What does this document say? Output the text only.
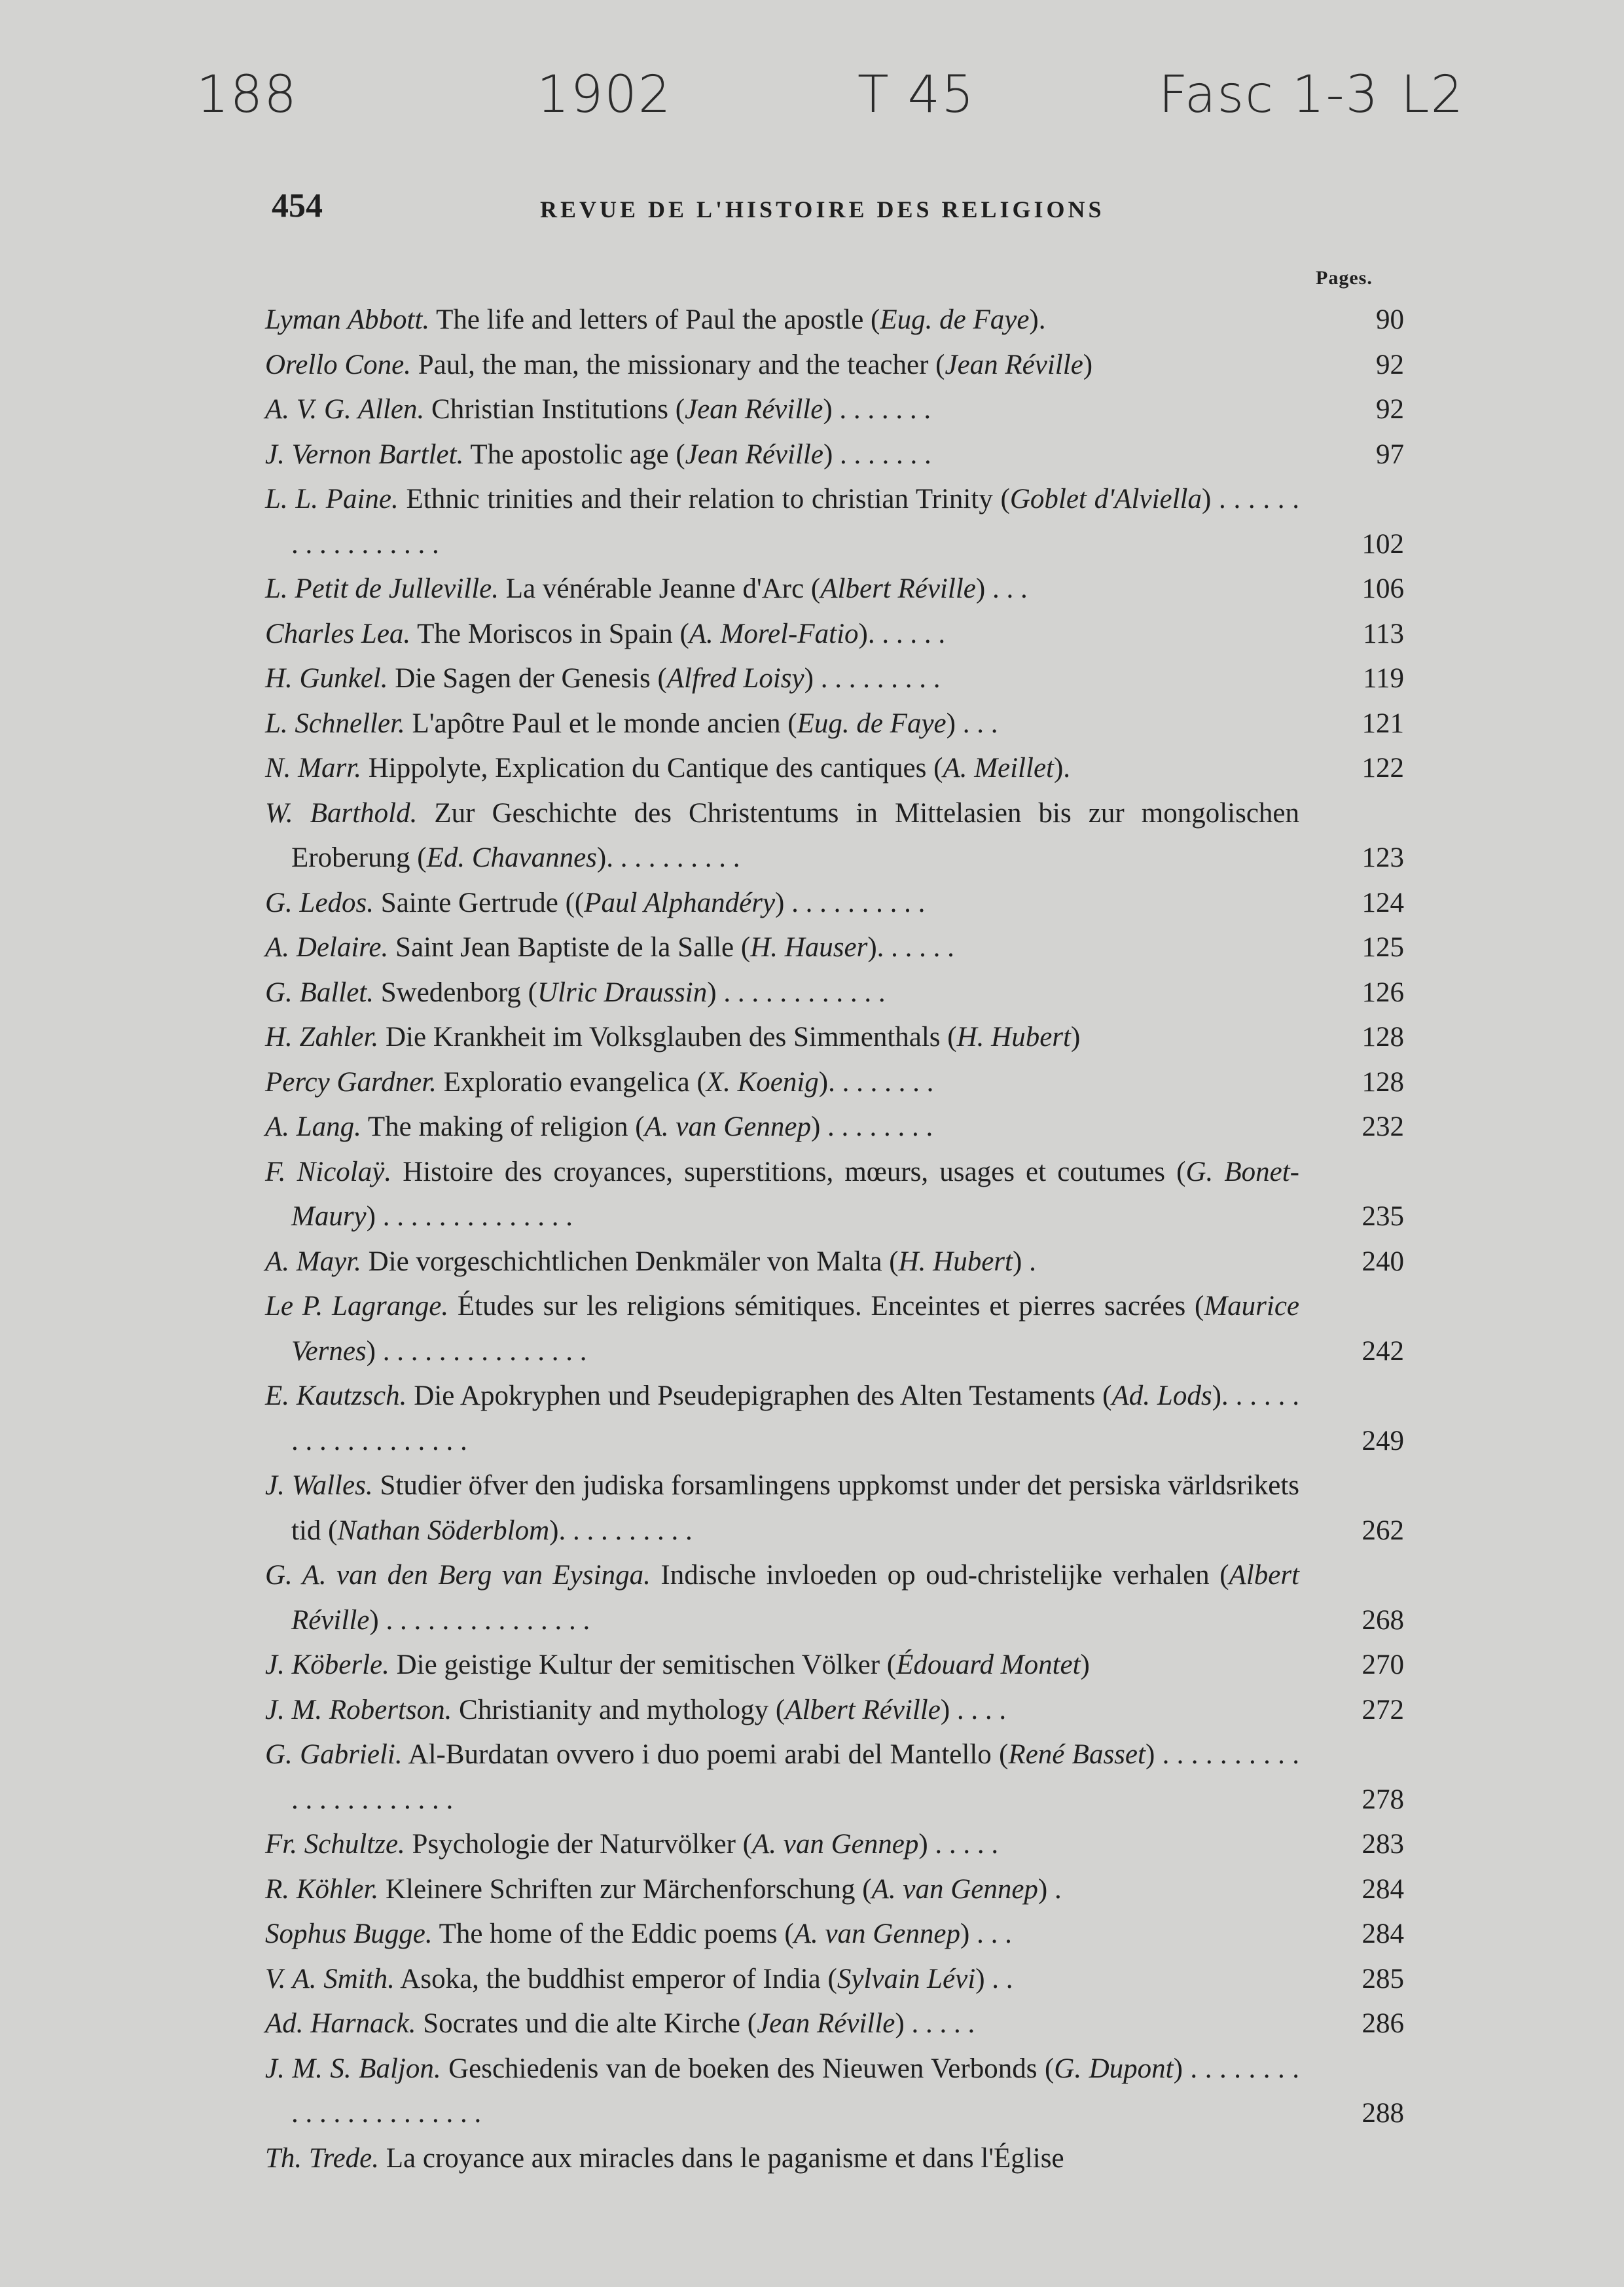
188	1902	T 45	Fasc 1-3 L2
454	REVUE DE L'HISTOIRE DES RELIGIONS
Pages.
Lyman Abbott. The life and letters of Paul the apostle (Eug. de Faye).	90
Orello Cone. Paul, the man, the missionary and the teacher (Jean Réville)	92
A. V. G. Allen. Christian Institutions (Jean Réville) . . . . . . .	92
J. Vernon Bartlet. The apostolic age (Jean Réville) . . . . . . .	97
L. L. Paine. Ethnic trinities and their relation to christian Trinity (Goblet d'Alviella) . . . . . . . . . . . . . . . . .	102
L. Petit de Julleville. La vénérable Jeanne d'Arc (Albert Réville) . . .	106
Charles Lea. The Moriscos in Spain (A. Morel-Fatio). . . . . .	113
H. Gunkel. Die Sagen der Genesis (Alfred Loisy) . . . . . . . . .	119
L. Schneller. L'apôtre Paul et le monde ancien (Eug. de Faye) . . .	121
N. Marr. Hippolyte, Explication du Cantique des cantiques (A. Meillet).	122
W. Barthold. Zur Geschichte des Christentums in Mittelasien bis zur mongolischen Eroberung (Ed. Chavannes). . . . . . . . . .	123
G. Ledos. Sainte Gertrude ((Paul Alphandéry) . . . . . . . . . .	124
A. Delaire. Saint Jean Baptiste de la Salle (H. Hauser). . . . . .	125
G. Ballet. Swedenborg (Ulric Draussin) . . . . . . . . . . . .	126
H. Zahler. Die Krankheit im Volksglauben des Simmenthals (H. Hubert)	128
Percy Gardner. Exploratio evangelica (X. Koenig). . . . . . . .	128
A. Lang. The making of religion (A. van Gennep) . . . . . . . .	232
F. Nicolaÿ. Histoire des croyances, superstitions, mœurs, usages et coutumes (G. Bonet-Maury) . . . . . . . . . . . . . .	235
A. Mayr. Die vorgeschichtlichen Denkmäler von Malta (H. Hubert) .	240
Le P. Lagrange. Études sur les religions sémitiques. Enceintes et pierres sacrées (Maurice Vernes) . . . . . . . . . . . . . . .	242
E. Kautzsch. Die Apokryphen und Pseudepigraphen des Alten Testaments (Ad. Lods). . . . . . . . . . . . . . . . . . .	249
J. Walles. Studier öfver den judiska forsamlingens uppkomst under det persiska världsrikets tid (Nathan Söderblom). . . . . . . . . .	262
G. A. van den Berg van Eysinga. Indische invloeden op oud-christelijke verhalen (Albert Réville) . . . . . . . . . . . . . . .	268
J. Köberle. Die geistige Kultur der semitischen Völker (Édouard Montet)	270
J. M. Robertson. Christianity and mythology (Albert Réville) . . . .	272
G. Gabrieli. Al-Burdatan ovvero i duo poemi arabi del Mantello (René Basset) . . . . . . . . . . . . . . . . . . . . . .	278
Fr. Schultze. Psychologie der Naturvölker (A. van Gennep) . . . . .	283
R. Köhler. Kleinere Schriften zur Märchenforschung (A. van Gennep) .	284
Sophus Bugge. The home of the Eddic poems (A. van Gennep) . . .	284
V. A. Smith. Asoka, the buddhist emperor of India (Sylvain Lévi) . .	285
Ad. Harnack. Socrates und die alte Kirche (Jean Réville) . . . . .	286
J. M. S. Baljon. Geschiedenis van de boeken des Nieuwen Verbonds (G. Dupont) . . . . . . . . . . . . . . . . . . . . . .	288
Th. Trede. La croyance aux miracles dans le paganisme et dans l'Église
